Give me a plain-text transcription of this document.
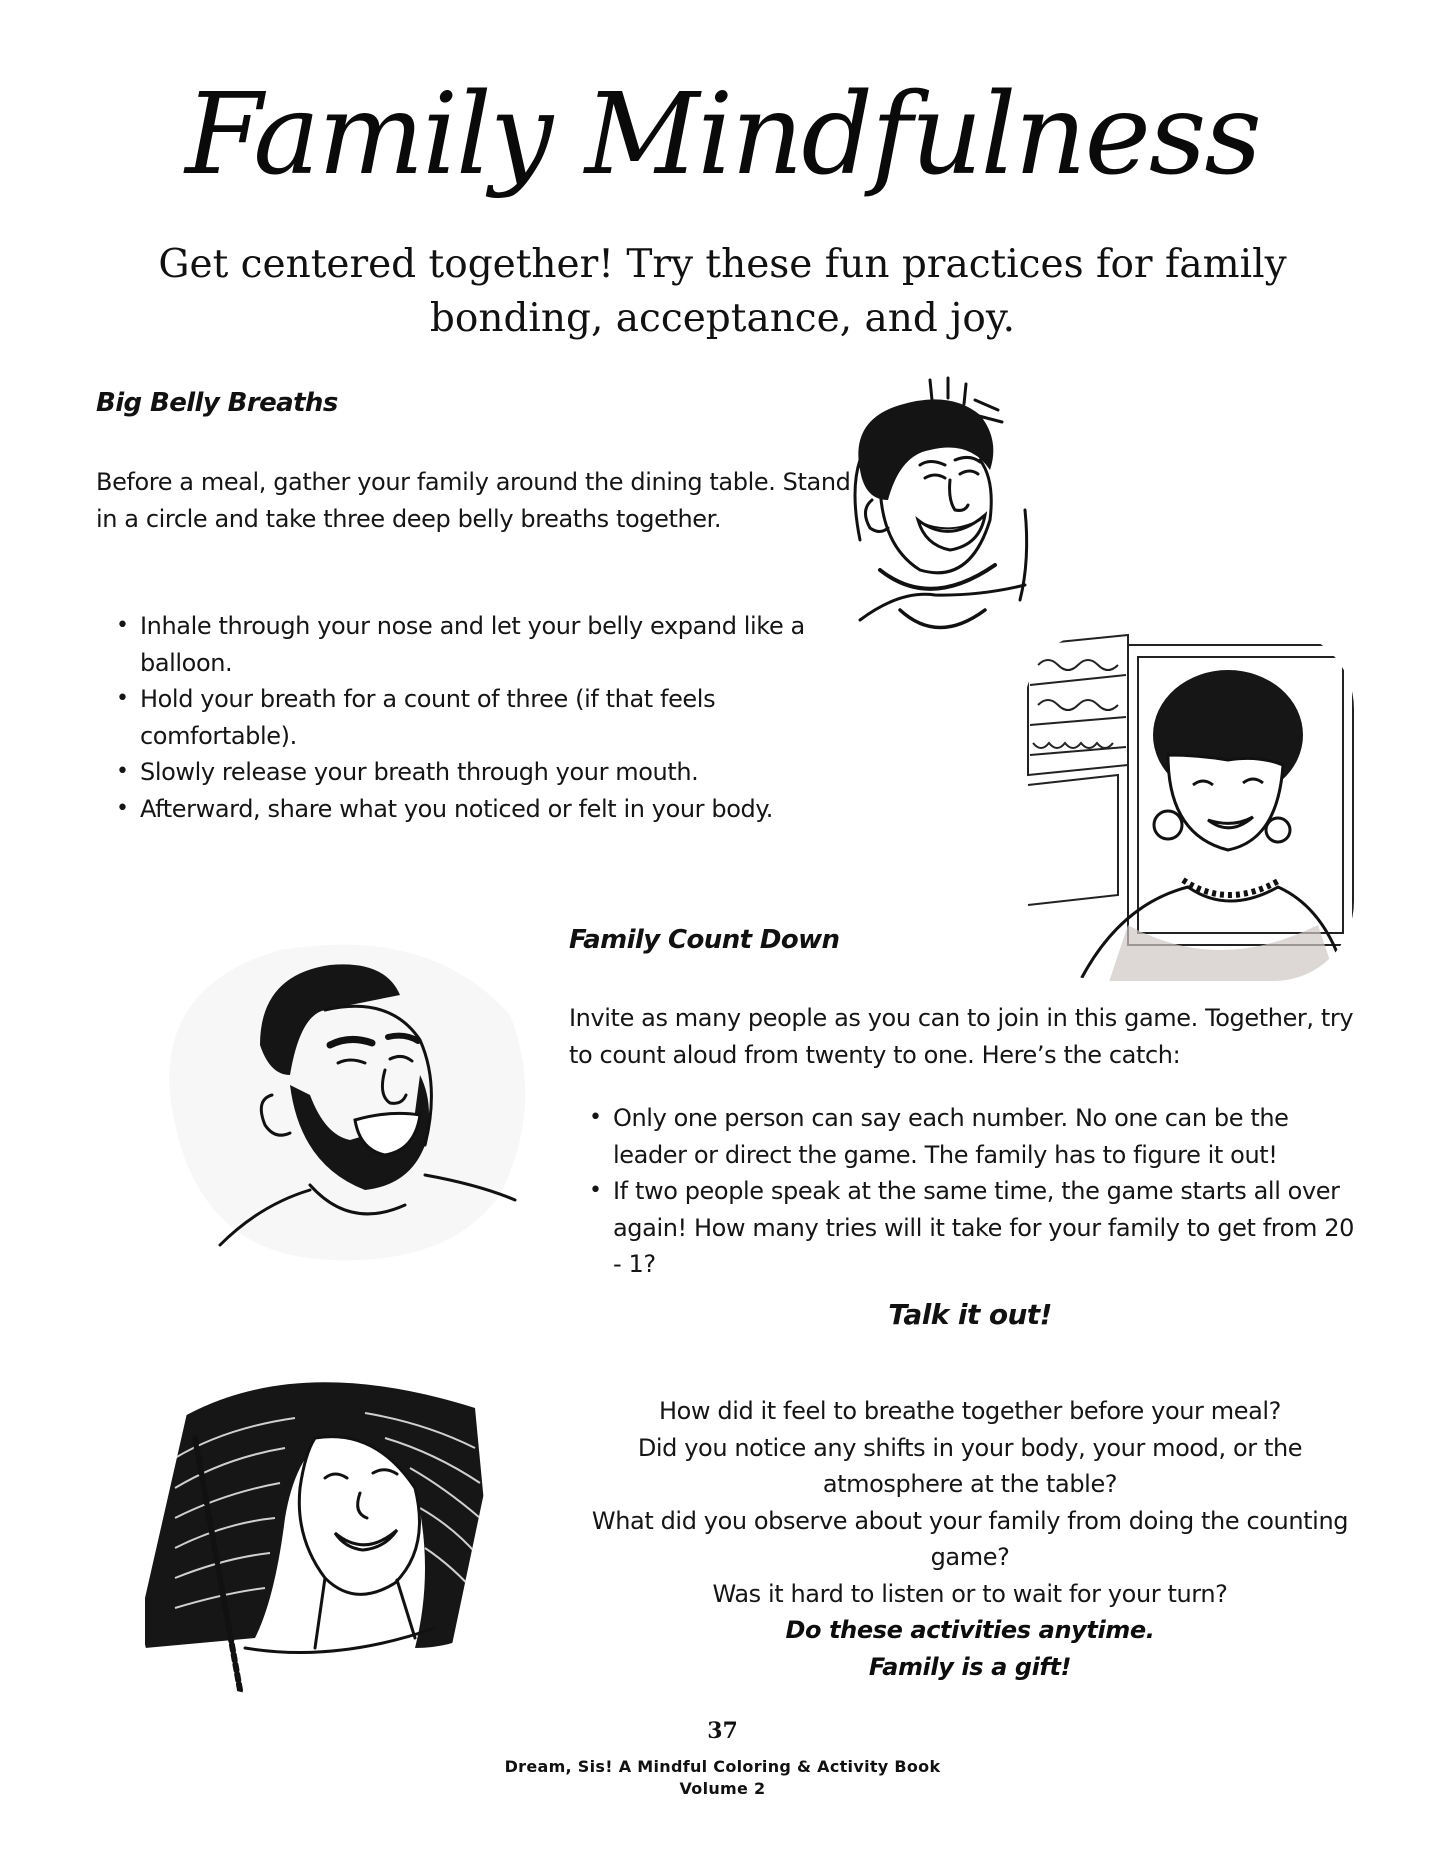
Family Mindfulness
Get centered together! Try these fun practices for family bonding, acceptance, and joy.
Big Belly Breaths

Before a meal, gather your family around the dining table. Stand in a circle and take three deep belly breaths together.

• Inhale through your nose and let your belly expand like a balloon.
• Hold your breath for a count of three (if that feels comfortable).
• Slowly release your breath through your mouth.
• Afterward, share what you noticed or felt in your body.
Family Count Down

Invite as many people as you can to join in this game. Together, try to count aloud from twenty to one. Here’s the catch:

• Only one person can say each number. No one can be the leader or direct the game. The family has to figure it out!
• If two people speak at the same time, the game starts all over again! How many tries will it take for your family to get from 20 - 1?
Talk it out!

How did it feel to breathe together before your meal?

Did you notice any shifts in your body, your mood, or the atmosphere at the table?

What did you observe about your family from doing the counting game?

Was it hard to listen or to wait for your turn?

Do these activities anytime.

Family is a gift!

37
Dream, Sis! A Mindful Coloring & Activity Book
Volume 2
